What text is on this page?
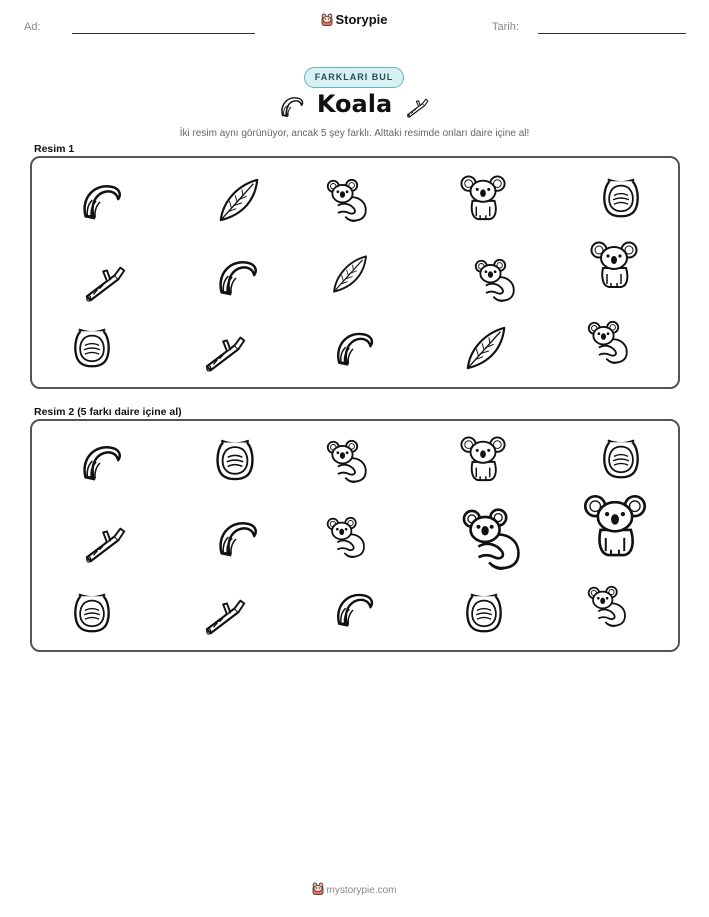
Ad:	Storypie	Tarih:
FARKLARI BUL
Koala
İki resim aynı görünüyor, ancak 5 şey farklı. Alttaki resimde onları daire içine al!
Resim 1
Resim 2 (5 farkı daire içine al)
mystorypie.com
